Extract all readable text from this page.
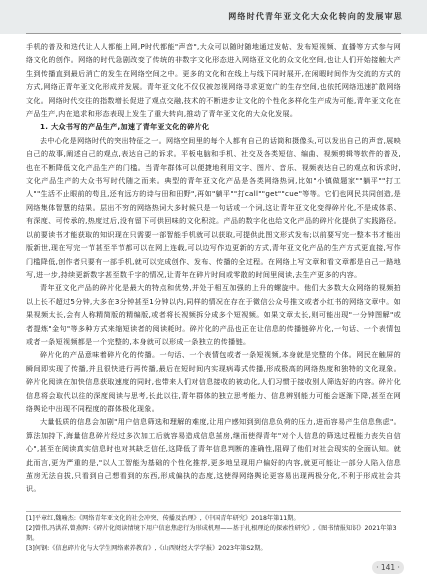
网络时代青年亚文化大众化转向的发展审思

手机的普及和迭代让人人都能上网,P时代都能"声音",大众可以随时随地通过发帖、发布短视频、直播等方式参与网络文化的创作。网络的时代急剧改变了传统的非数字文化形态进入网络亚文化的众文化空间,也让人们开始接触大产生到传播直到最后消亡的发生在网络空间之中。更多的文化和在线上与线下同时展开,在闲暇时间作为交流的方式的方式,网络正青年亚文化形成并发展。青年亚文化不仅仅被忽视网络寻求更宽广的生存空间,也依托网络迅速扩散网络文化。网络时代交往的指数增长促进了观点交融,技术的不断进步让文化的个性化多样化生产成为可能,青年亚文化在产品生产,内在追求和形态表现上发生了重大转向,推动了青年亚文化的大众化发展。

1. 大众书写的产品生产,加速了青年亚文化的碎片化

去中心化是网络时代的突出特征之一。网络空间里的每个人都有自己的话筒和摄像头,可以发出自己的声音,展映自己的故事,阐述自己的观点,表达自己的诉求。平板电脑和手机、社交及各类短信、编曲、视频剪辑等软件的普及,也在不断降低文化产品生产的门槛。当青年群体可以便捷地利用文字、图片、音乐、视频表达自己的观点和诉求时,文化产品生产的大众书写时代随之而来。典型的青年亚文化产品是各类网络热词,比如"小镇做题家""躺平""打工人""生活不止眼前的苟且,还有远方的诗与田和田野",再如"躺平""打call""get""cue"等等。它们也网民共同创造,是网络集体智慧的结果。层出不穷的网络热词大多时候只是一句话或一个词,这让青年亚文化变得碎片化,不是成体系、有深度、可传承的,热度过后,没有留下可供回味的文化积淀。产品的数字化也给文化产品的碎片化提供了实践路径。以前要读书才能获取的知识现在只需要一部智能手机就可以获取,可提供此图文形式发布;以前要写完一整本书才能出版新世,现在写完一节甚至半节都可以在网上连载,可以边写作边更新的方式,青年亚文化产品的生产方式更直接,写作门槛降低,创作者只要有一部手机,就可以完成创作、发布、传播的全过程。在网络上写文章和看文章都是自己一路地写,进一步,持续更新数字甚至数千字的情况,让青年在碎片时间或零散的时间里阅读,去生产更多的内容。

青年亚文化产品的碎片化是最大的特点和优势,并处于相互加强的上升的螺旋中。他们大多数大众网络的视频拍以上长不超过5分钟,大多在3分钟甚至1分钟以内,同样的情况在存在于微信公众号推文或者小红书的网络文章中。如果视频太长,会有人称精简版的精编版,或者将长视频拆分成多个短视频。如果文章太长,则可能出现"一分钟图解"或者提炼"金句"等多种方式来缩短读者的阅读耗时。碎片化的产品也正在让信息的传播链碎片化,一句话、一个表情包或者一条短视频都是一个完整的,本身就可以形成一条独立的传播链。

碎片化的产品意味着碎片化的传播。一句话、一个表情包或者一条短视频,本身就是完整的个体。网民在触屏的瞬间即实现了传播,并且很快进行再传播,最后在短时间内实现病毒式传播,形成极高的网络热度和独特的文化现象。碎片化阅读在加快信息获取速度的同时,也带来人们对信息接收的被动化,人们习惯于接收别人筛选好的内容。碎片化信息将会取代以往的深度阅读与思考,长此以往,青年群体的独立思考能力、信息辨别能力可能会逐渐下降,甚至在网络舆论中出现不同程度的群体极化现象。

大量低质的信息会加剧"用户信息筛选和理解的难度,让用户感知到到信息负荷的压力,进而容易产生信息焦虑"。算法加持下,海量信息碎片经过多次加工后就容易造成信息茧房,继而使得青年"对个人信息的筛选过程能力丧失自信心",甚至在阅读真实信息时也对其缺乏信任,这降低了青年信息判断的准确性,阻碍了他们对社会现实的全面认知。就此而言,更为严重的是,"以人工智能为基础的个性化推荐,更多地呈现用户偏好的内容,就更可能让一部分人陷入信息茧房无法自拔,只看到自己想看到的东西,形成偏执的态度,这使得网络舆论更容易出现两极分化,不利于形成社会共识。

[1]平章红,魏喻杰:《网络青年亚文化的社会冲突、传播及治理》,《中国青年研究》2018年第11期。

[2]曾伟,冯洪祥,曾燕辉:《碎片化阅读情境下用户信息焦虑行为形成机理——基于扎根理论的探索性研究》,《图书情报知识》2021年第3期。

[3]何钢:《信息碎片化与大学生网络素养教育》,《山西财经大学学报》2023年第S2期。

· 141 ·
